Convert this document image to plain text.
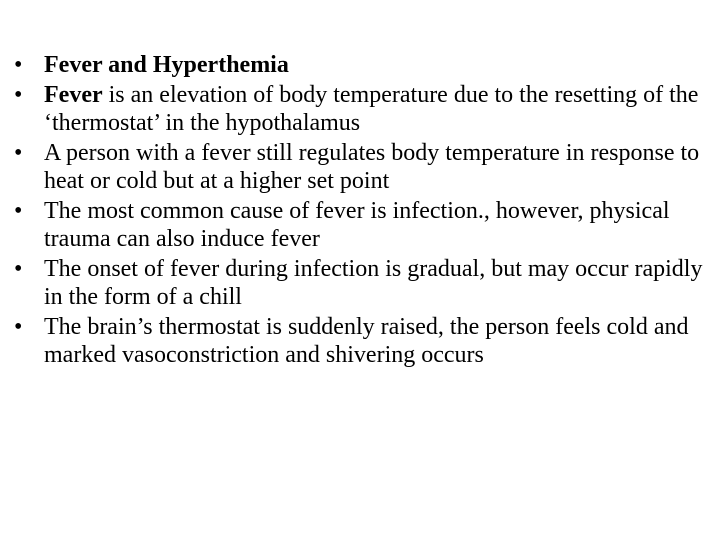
• Fever and Hyperthemia
• Fever is an elevation of body temperature due to the resetting of the ‘thermostat’ in the hypothalamus
• A person with a fever still regulates body temperature in response to heat or cold but at a higher set point
• The most common cause of fever is infection., however, physical trauma can also induce fever
• The onset of fever during infection is gradual, but may occur rapidly in the form of a chill
• The brain’s thermostat is suddenly raised, the person feels cold and marked vasoconstriction and shivering occurs
